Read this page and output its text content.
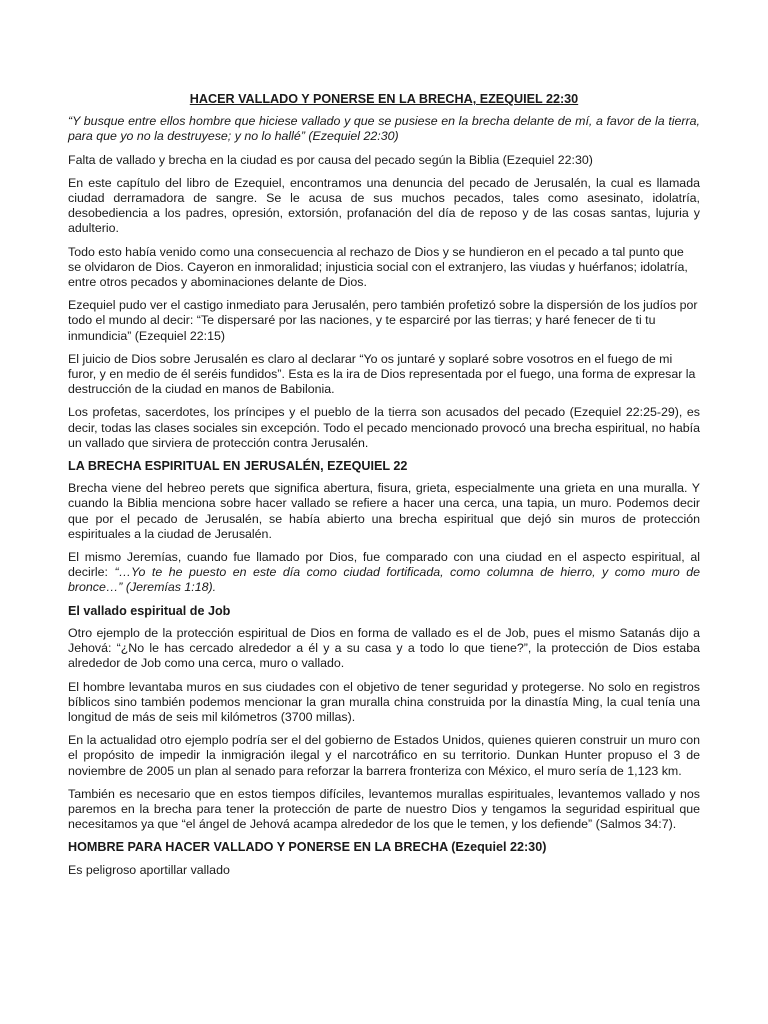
HACER VALLADO Y PONERSE EN LA BRECHA, EZEQUIEL 22:30

“Y busque entre ellos hombre que hiciese vallado y que se pusiese en la brecha delante de mí, a favor de la tierra, para que yo no la destruyese; y no lo hallé” (Ezequiel 22:30)

Falta de vallado y brecha en la ciudad es por causa del pecado según la Biblia (Ezequiel 22:30)

En este capítulo del libro de Ezequiel, encontramos una denuncia del pecado de Jerusalén, la cual es llamada ciudad derramadora de sangre. Se le acusa de sus muchos pecados, tales como asesinato, idolatría, desobediencia a los padres, opresión, extorsión, profanación del día de reposo y de las cosas santas, lujuria y adulterio.

Todo esto había venido como una consecuencia al rechazo de Dios y se hundieron en el pecado a tal punto que se olvidaron de Dios. Cayeron en inmoralidad; injusticia social con el extranjero, las viudas y huérfanos; idolatría, entre otros pecados y abominaciones delante de Dios.

Ezequiel pudo ver el castigo inmediato para Jerusalén, pero también profetizó sobre la dispersión de los judíos por todo el mundo al decir: “Te dispersaré por las naciones, y te esparciré por las tierras; y haré fenecer de ti tu inmundicia” (Ezequiel 22:15)

El juicio de Dios sobre Jerusalén es claro al declarar “Yo os juntaré y soplaré sobre vosotros en el fuego de mi furor, y en medio de él seréis fundidos”. Esta es la ira de Dios representada por el fuego, una forma de expresar la destrucción de la ciudad en manos de Babilonia.

Los profetas, sacerdotes, los príncipes y el pueblo de la tierra son acusados del pecado (Ezequiel 22:25-29), es decir, todas las clases sociales sin excepción. Todo el pecado mencionado provocó una brecha espiritual, no había un vallado que sirviera de protección contra Jerusalén.

LA BRECHA ESPIRITUAL EN JERUSALÉN, EZEQUIEL 22

Brecha viene del hebreo perets que significa abertura, fisura, grieta, especialmente una grieta en una muralla. Y cuando la Biblia menciona sobre hacer vallado se refiere a hacer una cerca, una tapia, un muro. Podemos decir que por el pecado de Jerusalén, se había abierto una brecha espiritual que dejó sin muros de protección espirituales a la ciudad de Jerusalén.

El mismo Jeremías, cuando fue llamado por Dios, fue comparado con una ciudad en el aspecto espiritual, al decirle: “…Yo te he puesto en este día como ciudad fortificada, como columna de hierro, y como muro de bronce…” (Jeremías 1:18).

El vallado espiritual de Job

Otro ejemplo de la protección espiritual de Dios en forma de vallado es el de Job, pues el mismo Satanás dijo a Jehová: “¿No le has cercado alrededor a él y a su casa y a todo lo que tiene?”, la protección de Dios estaba alrededor de Job como una cerca, muro o vallado.

El hombre levantaba muros en sus ciudades con el objetivo de tener seguridad y protegerse. No solo en registros bíblicos sino también podemos mencionar la gran muralla china construida por la dinastía Ming, la cual tenía una longitud de más de seis mil kilómetros (3700 millas).

En la actualidad otro ejemplo podría ser el del gobierno de Estados Unidos, quienes quieren construir un muro con el propósito de impedir la inmigración ilegal y el narcotráfico en su territorio. Dunkan Hunter propuso el 3 de noviembre de 2005 un plan al senado para reforzar la barrera fronteriza con México, el muro sería de 1,123 km.

También es necesario que en estos tiempos difíciles, levantemos murallas espirituales, levantemos vallado y nos paremos en la brecha para tener la protección de parte de nuestro Dios y tengamos la seguridad espiritual que necesitamos ya que “el ángel de Jehová acampa alrededor de los que le temen, y los defiende” (Salmos 34:7).

HOMBRE PARA HACER VALLADO Y PONERSE EN LA BRECHA (Ezequiel 22:30)

Es peligroso aportillar vallado
